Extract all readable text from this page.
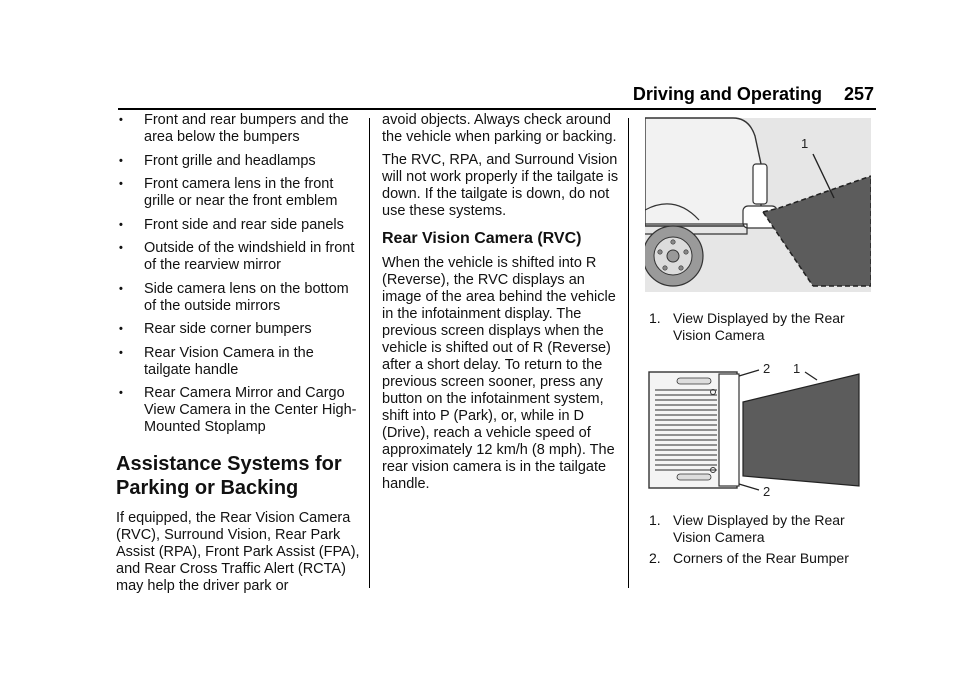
Driving and Operating 257
• Front and rear bumpers and the area below the bumpers
• Front grille and headlamps
• Front camera lens in the front grille or near the front emblem
• Front side and rear side panels
• Outside of the windshield in front of the rearview mirror
• Side camera lens on the bottom of the outside mirrors
• Rear side corner bumpers
• Rear Vision Camera in the tailgate handle
• Rear Camera Mirror and Cargo View Camera in the Center High-Mounted Stoplamp
Assistance Systems for Parking or Backing

If equipped, the Rear Vision Camera (RVC), Surround Vision, Rear Park Assist (RPA), Front Park Assist (FPA), and Rear Cross Traffic Alert (RCTA) may help the driver park or

avoid objects. Always check around the vehicle when parking or backing.

The RVC, RPA, and Surround Vision will not work properly if the tailgate is down. If the tailgate is down, do not use these systems.

Rear Vision Camera (RVC)

When the vehicle is shifted into R (Reverse), the RVC displays an image of the area behind the vehicle in the infotainment display. The previous screen displays when the vehicle is shifted out of R (Reverse) after a short delay. To return to the previous screen sooner, press any button on the infotainment system, shift into P (Park), or, while in D (Drive), reach a vehicle speed of approximately 12 km/h (8 mph). The rear vision camera is in the tailgate handle.

1
1. View Displayed by the Rear Vision Camera
2 1
2
1. View Displayed by the Rear Vision Camera
2. Corners of the Rear Bumper
